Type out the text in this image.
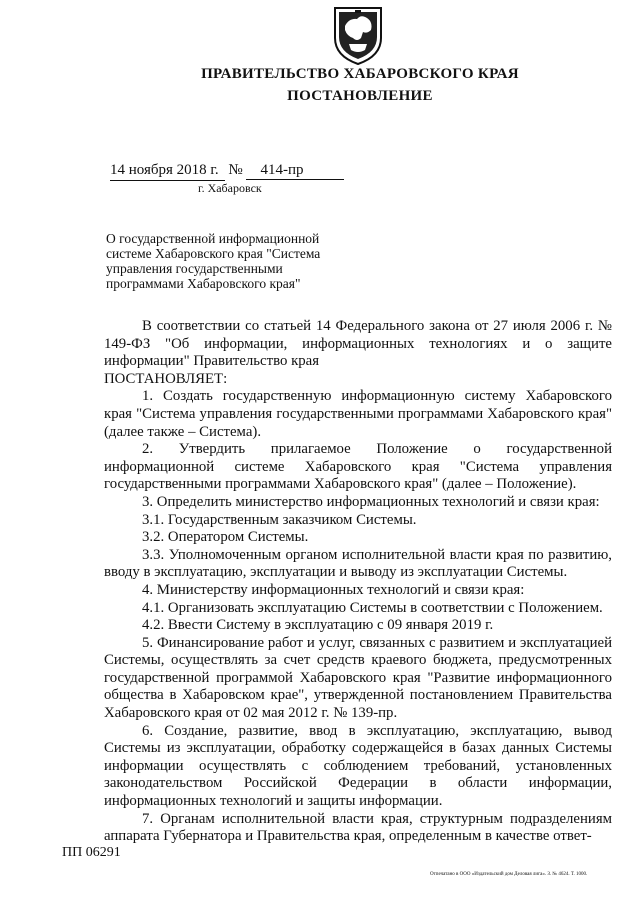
ПРАВИТЕЛЬСТВО ХАБАРОВСКОГО КРАЯ
ПОСТАНОВЛЕНИЕ
14 ноября 2018 г. № 414-пр
г. Хабаровск
О государственной информационной системе Хабаровского края "Система управления государственными программами Хабаровского края"

В соответствии со статьей 14 Федерального закона от 27 июля 2006 г. № 149-ФЗ "Об информации, информационных технологиях и о защите информации" Правительство края

ПОСТАНОВЛЯЕТ:

1. Создать государственную информационную систему Хабаровского края "Система управления государственными программами Хабаровского края" (далее также – Система).

2. Утвердить прилагаемое Положение о государственной информационной системе Хабаровского края "Система управления государственными программами Хабаровского края" (далее – Положение).

3. Определить министерство информационных технологий и связи края:

3.1. Государственным заказчиком Системы.

3.2. Оператором Системы.

3.3. Уполномоченным органом исполнительной власти края по развитию, вводу в эксплуатацию, эксплуатации и выводу из эксплуатации Системы.

4. Министерству информационных технологий и связи края:

4.1. Организовать эксплуатацию Системы в соответствии с Положением.

4.2. Ввести Систему в эксплуатацию с 09 января 2019 г.

5. Финансирование работ и услуг, связанных с развитием и эксплуатацией Системы, осуществлять за счет средств краевого бюджета, предусмотренных государственной программой Хабаровского края "Развитие информационного общества в Хабаровском крае", утвержденной постановлением Правительства Хабаровского края от 02 мая 2012 г. № 139-пр.

6. Создание, развитие, ввод в эксплуатацию, эксплуатацию, вывод Системы из эксплуатации, обработку содержащейся в базах данных Системы информации осуществлять с соблюдением требований, установленных законодательством Российской Федерации в области информации, информационных технологий и защиты информации.

7. Органам исполнительной власти края, структурным подразделениям аппарата Губернатора и Правительства края, определенным в качестве ответ-

ПП 06291
Отпечатано в ООО «Издательский дом Деловая лига». З. № 4624. Т. 1000.
